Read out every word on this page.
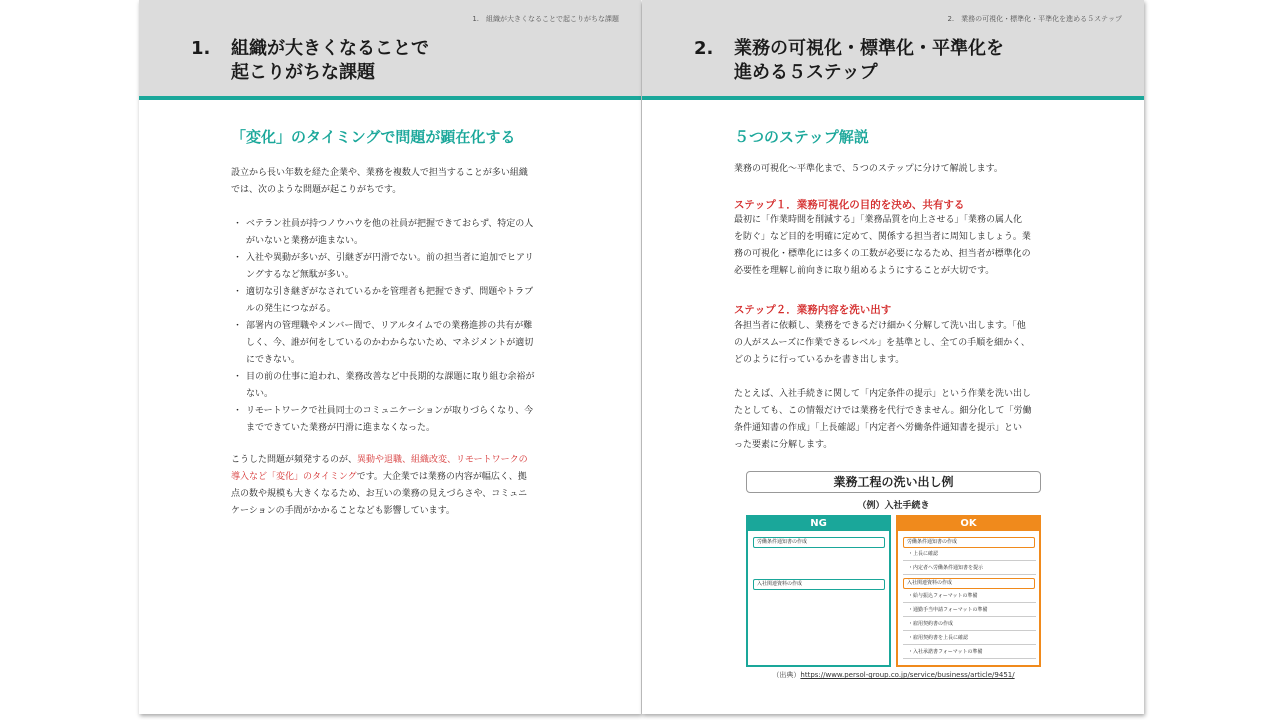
1.　組織が大きくなることで起こりがちな課題
1. 組織が大きくなることで
起こりがちな課題
「変化」のタイミングで問題が顕在化する
設立から長い年数を経た企業や、業務を複数人で担当することが多い組織
では、次のような問題が起こりがちです。
・ ベテラン社員が持つノウハウを他の社員が把握できておらず、特定の人
がいないと業務が進まない。
・ 入社や異動が多いが、引継ぎが円滑でない。前の担当者に追加でヒアリ
ングするなど無駄が多い。
・ 適切な引き継ぎがなされているかを管理者も把握できず、問題やトラブ
ルの発生につながる。
・ 部署内の管理職やメンバー間で、リアルタイムでの業務進捗の共有が難
しく、今、誰が何をしているのかわからないため、マネジメントが適切
にできない。
・ 目の前の仕事に追われ、業務改善など中長期的な課題に取り組む余裕が
ない。
・ リモートワークで社員同士のコミュニケーションが取りづらくなり、今
までできていた業務が円滑に進まなくなった。
こうした問題が頻発するのが、異動や退職、組織改変、リモートワークの
導入など「変化」のタイミングです。大企業では業務の内容が幅広く、拠
点の数や規模も大きくなるため、お互いの業務の見えづらさや、コミュニ
ケーションの手間がかかることなども影響しています。
2.　業務の可視化・標準化・平準化を進める５ステップ
2. 業務の可視化・標準化・平準化を
進める５ステップ
５つのステップ解説
業務の可視化～平準化まで、５つのステップに分けて解説します。
ステップ１．業務可視化の目的を決め、共有する
最初に「作業時間を削減する」「業務品質を向上させる」「業務の属人化
を防ぐ」など目的を明確に定めて、関係する担当者に周知しましょう。業
務の可視化・標準化には多くの工数が必要になるため、担当者が標準化の
必要性を理解し前向きに取り組めるようにすることが大切です。
ステップ２．業務内容を洗い出す
各担当者に依頼し、業務をできるだけ細かく分解して洗い出します。「他
の人がスムーズに作業できるレベル」を基準とし、全ての手順を細かく、
どのように行っているかを書き出します。
たとえば、入社手続きに関して「内定条件の提示」という作業を洗い出し
たとしても、この情報だけでは業務を代行できません。細分化して「労働
条件通知書の作成」「上長確認」「内定者へ労働条件通知書を提示」とい
った要素に分解します。
業務工程の洗い出し例
（例）入社手続き
NG
労働条件通知書の作成
入社関連資料の作成
OK
労働条件通知書の作成
・上長に確認
・内定者へ労働条件通知書を提示
入社関連資料の作成
・給与振込フォーマットの準備
・通勤手当申請フォーマットの準備
・雇用契約書の作成
・雇用契約書を上長に確認
・入社承諾書フォーマットの準備
（出典）https://www.persol-group.co.jp/service/business/article/9451/
